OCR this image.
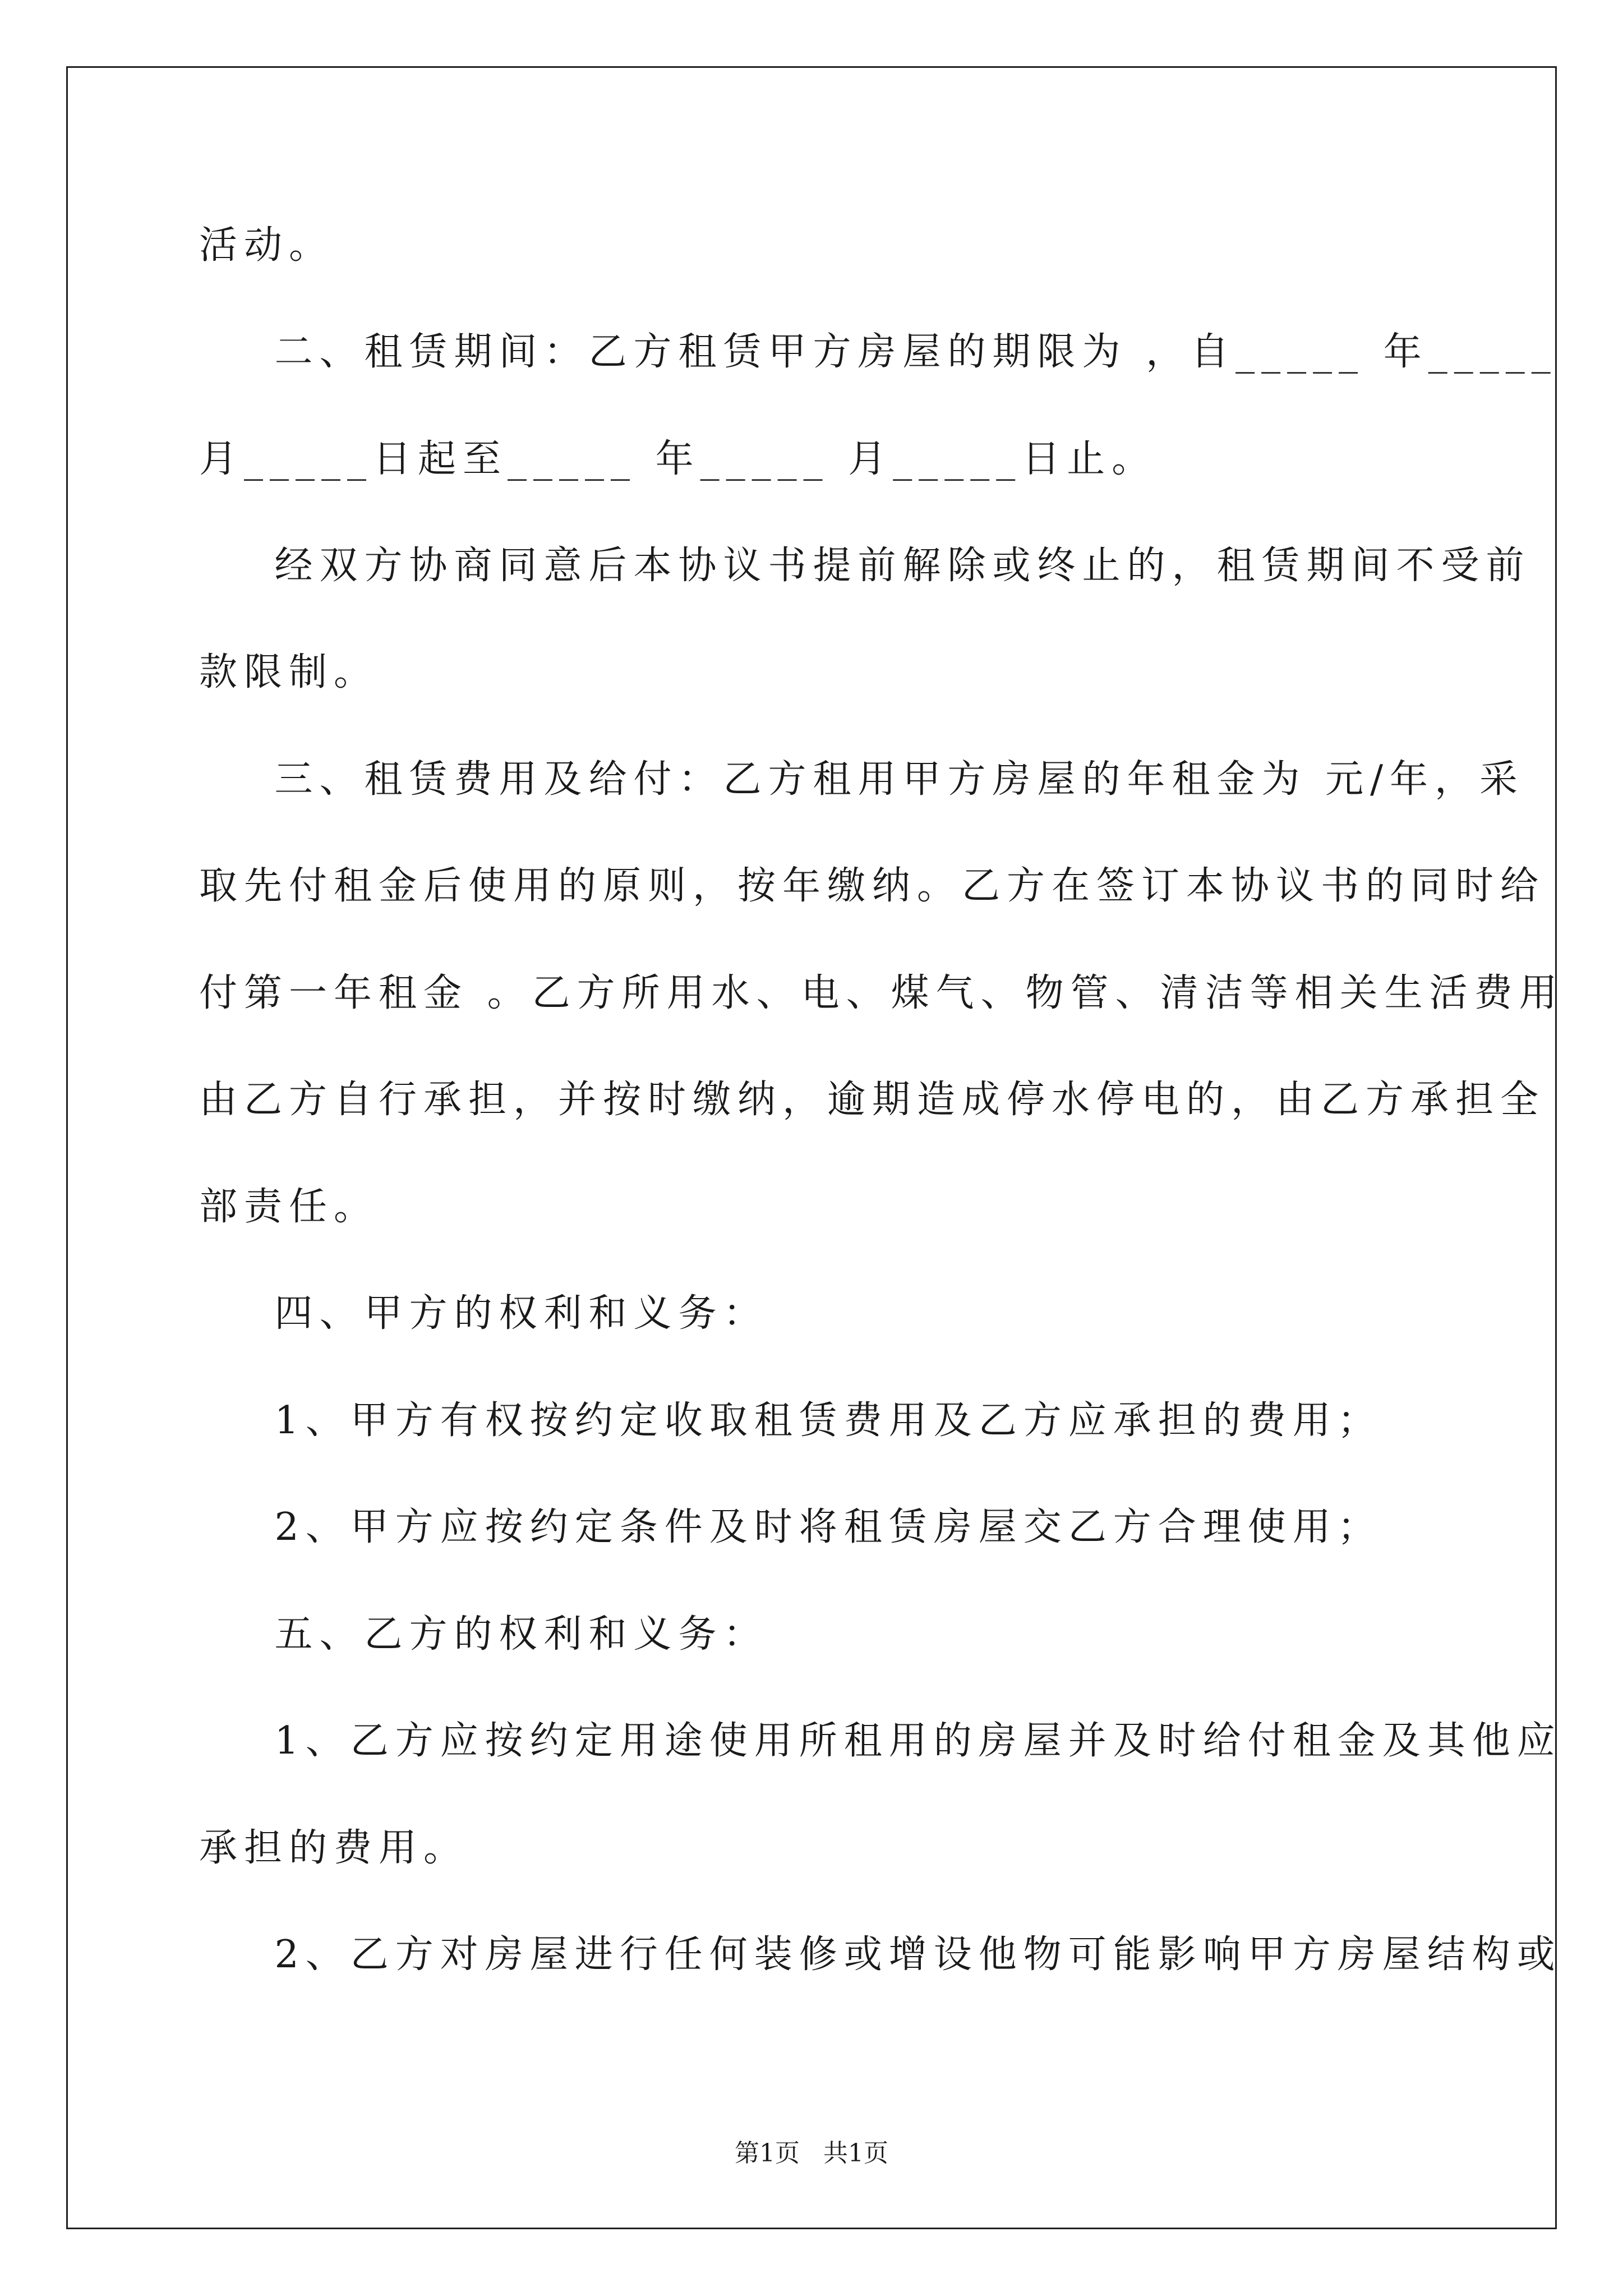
活动。
二、租赁期间：乙方租赁甲方房屋的期限为 ，自_____ 年_____
月_____日起至_____ 年_____ 月_____日止。
经双方协商同意后本协议书提前解除或终止的，租赁期间不受前
款限制。
三、租赁费用及给付：乙方租用甲方房屋的年租金为 元/年，采
取先付租金后使用的原则，按年缴纳。乙方在签订本协议书的同时给
付第一年租金 。乙方所用水、电、煤气、物管、清洁等相关生活费用
由乙方自行承担，并按时缴纳，逾期造成停水停电的，由乙方承担全
部责任。
四、甲方的权利和义务：
1、甲方有权按约定收取租赁费用及乙方应承担的费用；
2、甲方应按约定条件及时将租赁房屋交乙方合理使用；
五、乙方的权利和义务：
1、乙方应按约定用途使用所租用的房屋并及时给付租金及其他应
承担的费用。
2、乙方对房屋进行任何装修或增设他物可能影响甲方房屋结构或
第1页   共1页
